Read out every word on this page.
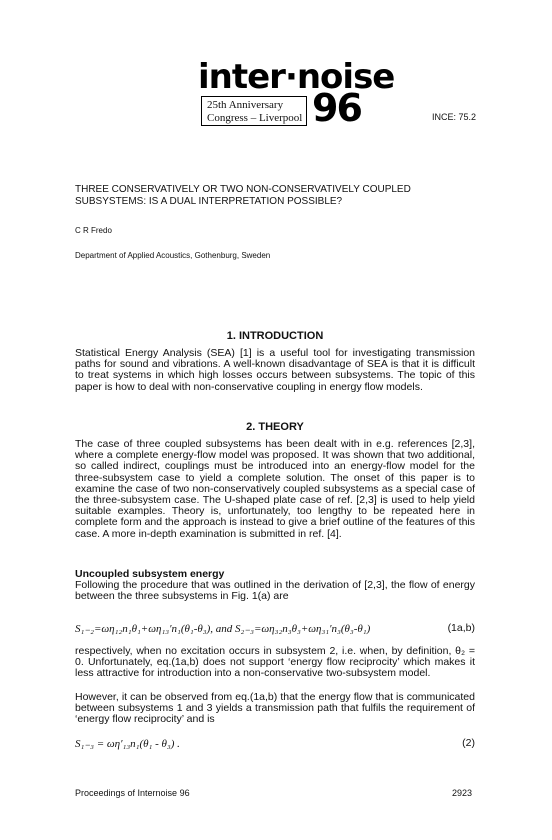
inter·noise
25th Anniversary
Congress – Liverpool 96	INCE: 75.2
THREE CONSERVATIVELY OR TWO NON-CONSERVATIVELY COUPLED
SUBSYSTEMS: IS A DUAL INTERPRETATION POSSIBLE?
C R Fredo
Department of Applied Acoustics, Gothenburg, Sweden
1. INTRODUCTION
Statistical Energy Analysis (SEA) [1] is a useful tool for investigating transmission paths for sound and vibrations. A well-known disadvantage of SEA is that it is difficult to treat systems in which high losses occurs between subsystems. The topic of this paper is how to deal with non-conservative coupling in energy flow models.
2. THEORY
The case of three coupled subsystems has been dealt with in e.g. references [2,3], where a complete energy-flow model was proposed. It was shown that two additional, so called indirect, couplings must be introduced into an energy-flow model for the three-subsystem case to yield a complete solution. The onset of this paper is to examine the case of two non-conservatively coupled subsystems as a special case of the three-subsystem case. The U-shaped plate case of ref. [2,3] is used to help yield suitable examples. Theory is, unfortunately, too lengthy to be repeated here in complete form and the approach is instead to give a brief outline of the features of this case. A more in-depth examination is submitted in ref. [4].
Uncoupled subsystem energy
Following the procedure that was outlined in the derivation of [2,3], the flow of energy between the three subsystems in Fig. 1(a) are
S₁₋₂=ωη₁₂n₁θ₁+ωη₁₃′n₁(θ₁-θ₃), and S₂₋₃=ωη₃₂n₃θ₃+ωη₃₁′n₃(θ₃-θ₁)	(1a,b)
respectively, when no excitation occurs in subsystem 2, i.e. when, by definition, θ₂ = 0. Unfortunately, eq.(1a,b) does not support ‘energy flow reciprocity’ which makes it less attractive for introduction into a non-conservative two-subsystem model.
However, it can be observed from eq.(1a,b) that the energy flow that is communicated between subsystems 1 and 3 yields a transmission path that fulfils the requirement of ‘energy flow reciprocity’ and is
S₁₋₃ = ωη′₁₃n₁(θ₁ - θ₃) .	(2)
Proceedings of Internoise 96	2923
